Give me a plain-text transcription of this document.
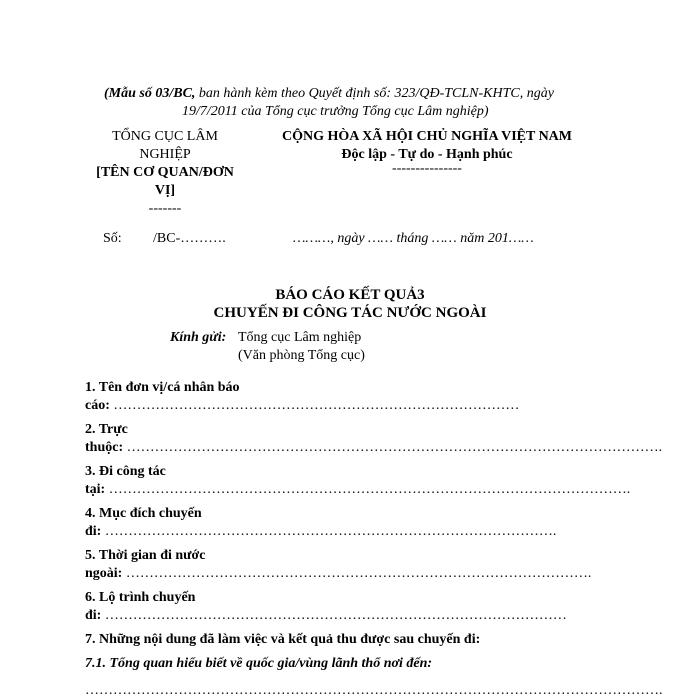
(Mẫu số 03/BC, ban hành kèm theo Quyết định số: 323/QĐ-TCLN-KHTC, ngày
19/7/2011 của Tổng cục trưởng Tổng cục Lâm nghiệp)
TỔNG CỤC LÂM
NGHIỆP
[TÊN CƠ QUAN/ĐƠN
VỊ]
-------
CỘNG HÒA XÃ HỘI CHỦ NGHĨA VIỆT NAM
Độc lập - Tự do - Hạnh phúc
---------------
Số: /BC-……….	………, ngày …… tháng …… năm 201……
BÁO CÁO KẾT QUẢ3
CHUYẾN ĐI CÔNG TÁC NƯỚC NGOÀI
Kính gửi: Tổng cục Lâm nghiệp
(Văn phòng Tổng cục)
1. Tên đơn vị/cá nhân báo
cáo: ……………………………………………………………………………
2. Trực
thuộc: …………………………………………………………………………………………………….
3. Đi công tác
tại: ………………………………………………………………………………………………….
4. Mục đích chuyến
đi: …………………………………………………………………………………….
5. Thời gian đi nước
ngoài: ……………………………………………………………………………………….
6. Lộ trình chuyến
đi: ………………………………………………………………………………………
7. Những nội dung đã làm việc và kết quả thu được sau chuyến đi:
7.1. Tổng quan hiểu biết về quốc gia/vùng lãnh thổ nơi đến:
…………………………………………………………………………………………………………….
